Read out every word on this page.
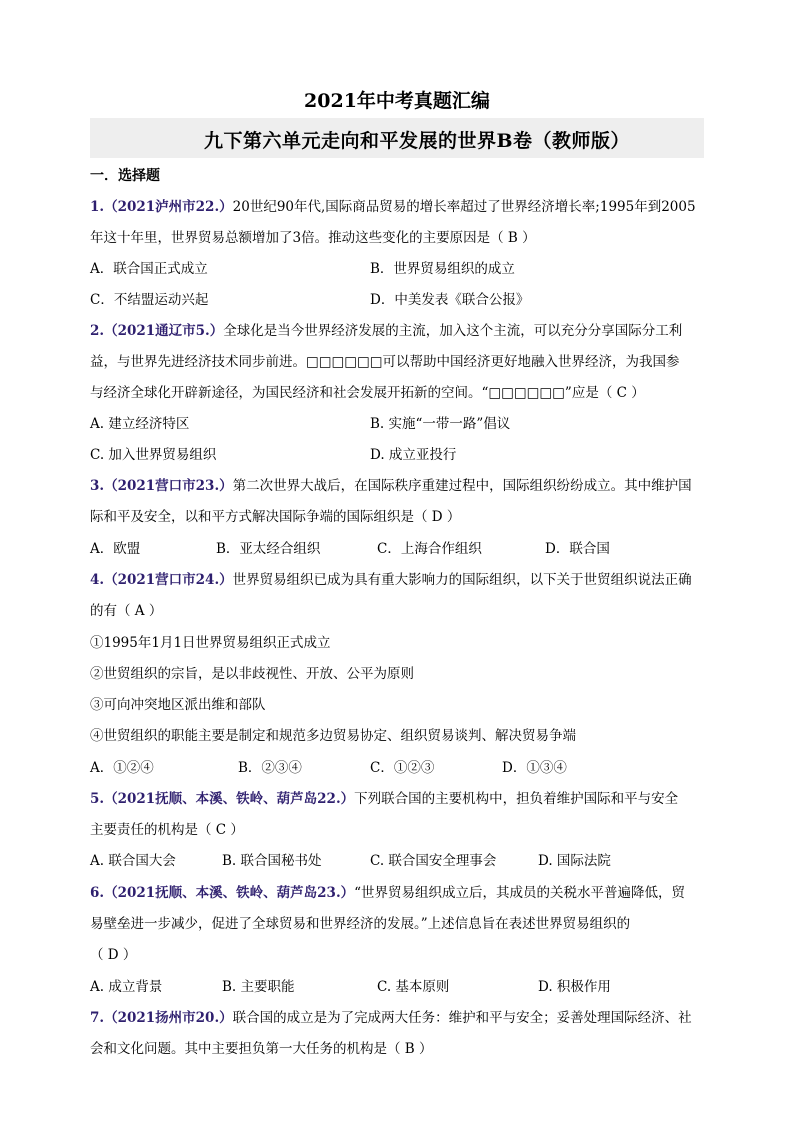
2021年中考真题汇编
九下第六单元走向和平发展的世界B卷（教师版）
一．选择题
1.（2021泸州市22.）20世纪90年代,国际商品贸易的增长率超过了世界经济增长率;1995年到2005
年这十年里，世界贸易总额增加了3倍。推动这些变化的主要原因是（ B ）
A．联合国正式成立	B．世界贸易组织的成立
C．不结盟运动兴起	D．中美发表《联合公报》
2.（2021通辽市5.）全球化是当今世界经济发展的主流，加入这个主流，可以充分分享国际分工利
益，与世界先进经济技术同步前进。□□□□□□可以帮助中国经济更好地融入世界经济，为我国参
与经济全球化开辟新途径，为国民经济和社会发展开拓新的空间。“□□□□□□”应是（ C ）
A. 建立经济特区	B. 实施“一带一路”倡议
C. 加入世界贸易组织	D. 成立亚投行
3.（2021营口市23.）第二次世界大战后，在国际秩序重建过程中，国际组织纷纷成立。其中维护国
际和平及安全，以和平方式解决国际争端的国际组织是（ D ）
A．欧盟	B．亚太经合组织	C．上海合作组织	D．联合国
4.（2021营口市24.）世界贸易组织已成为具有重大影响力的国际组织，以下关于世贸组织说法正确
的有（ A ）
①1995年1月1日世界贸易组织正式成立
②世贸组织的宗旨，是以非歧视性、开放、公平为原则
③可向冲突地区派出维和部队
④世贸组织的职能主要是制定和规范多边贸易协定、组织贸易谈判、解决贸易争端
A．①②④	B．②③④	C．①②③	D．①③④
5.（2021抚顺、本溪、铁岭、葫芦岛22.）下列联合国的主要机构中，担负着维护国际和平与安全
主要责任的机构是（ C ）
A. 联合国大会	B. 联合国秘书处	C. 联合国安全理事会	D. 国际法院
6.（2021抚顺、本溪、铁岭、葫芦岛23.）“世界贸易组织成立后，其成员的关税水平普遍降低，贸
易壁垒进一步减少，促进了全球贸易和世界经济的发展。”上述信息旨在表述世界贸易组织的
（ D ）
A. 成立背景	B. 主要职能	C. 基本原则	D. 积极作用
7.（2021扬州市20.）联合国的成立是为了完成两大任务：维护和平与安全；妥善处理国际经济、社
会和文化问题。其中主要担负第一大任务的机构是（ B ）
